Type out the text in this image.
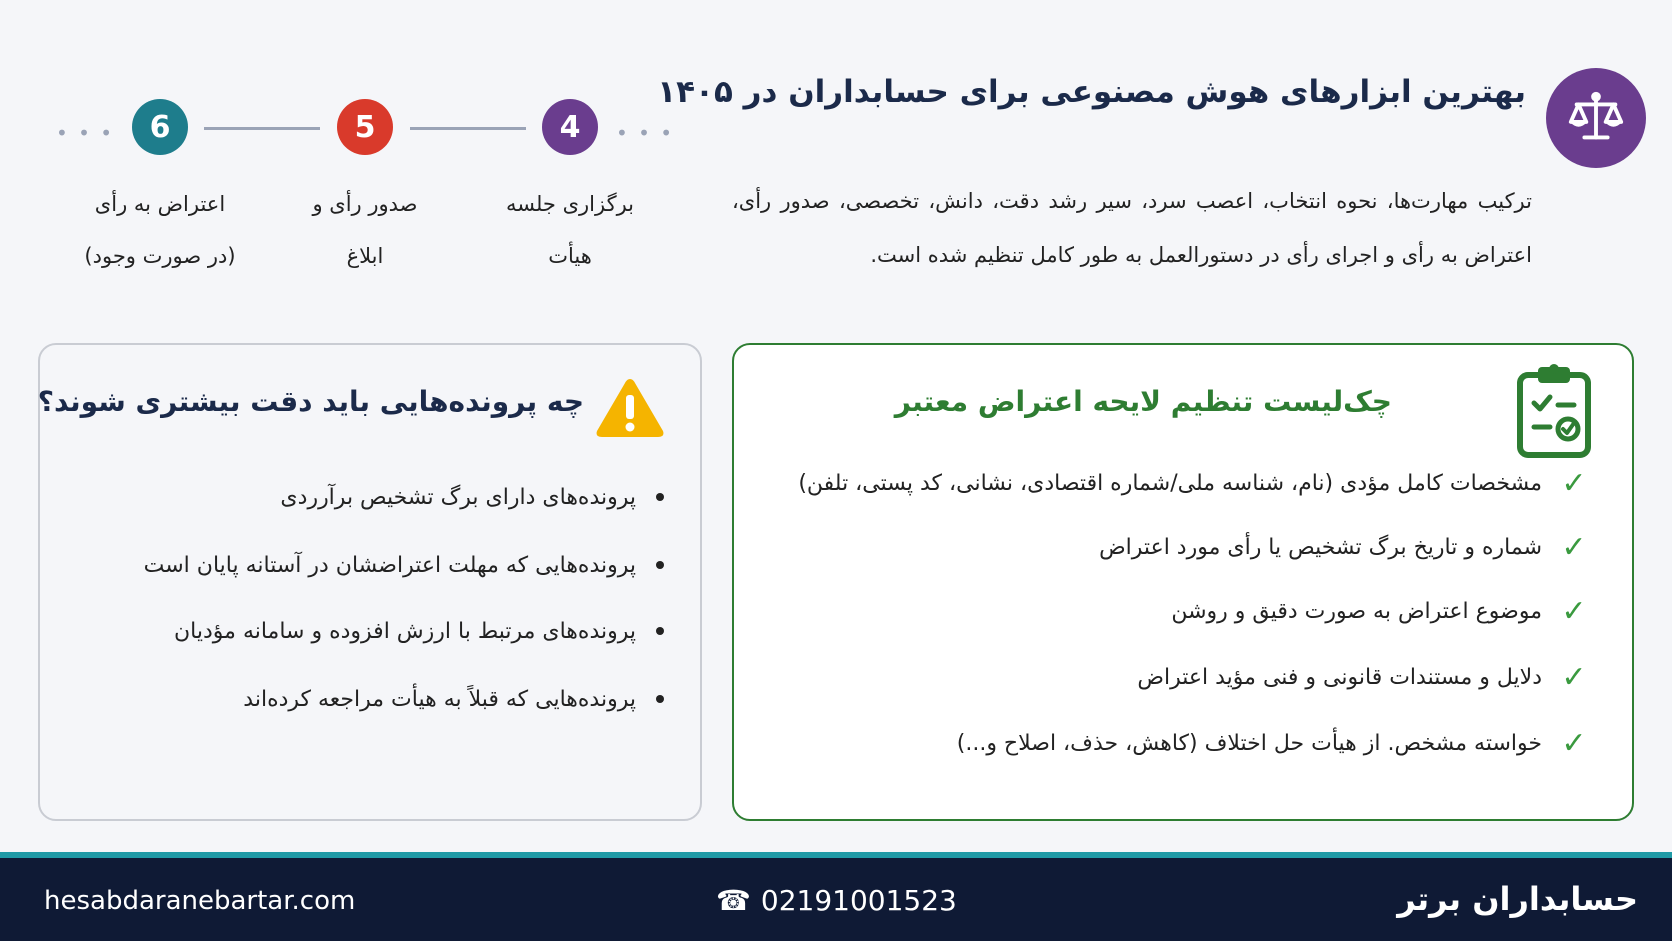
بهترین ابزارهای هوش مصنوعی برای حسابداران در ۱۴۰۵
ترکیب مهارت‌ها، نحوه انتخاب، اعصب سرد، سیر رشد دقت، دانش، تخصصی، صدور رأی، اعتراض به رأی و اجرای رأی در دستورالعمل به طور کامل تنظیم شده است.
• • •	• • •
6
اعتراض به رأی
(در صورت وجود)
5
صدور رأی و
ابلاغ
4
برگزاری جلسه
هیأت
چک‌لیست تنظیم لایحه اعتراض معتبر
✓
مشخصات کامل مؤدی (نام، شناسه ملی/شماره اقتصادی، نشانی، کد پستی، تلفن)
✓
شماره و تاریخ برگ تشخیص یا رأی مورد اعتراض
✓
موضوع اعتراض به صورت دقیق و روشن
✓
دلایل و مستندات قانونی و فنی مؤید اعتراض
✓
خواسته مشخص. از هیأت حل اختلاف (کاهش، حذف، اصلاح و...)
چه پرونده‌هایی باید دقت بیشتری شوند؟
پرونده‌های دارای برگ تشخیص برآرردی
پرونده‌هایی که مهلت اعتراضشان در آستانه پایان است
پرونده‌های مرتبط با ارزش افزوده و سامانه مؤدیان
پرونده‌هایی که قبلاً به هیأت مراجعه کرده‌اند
حسابداران برتر
☎ 02191001523
hesabdaranebartar.com
